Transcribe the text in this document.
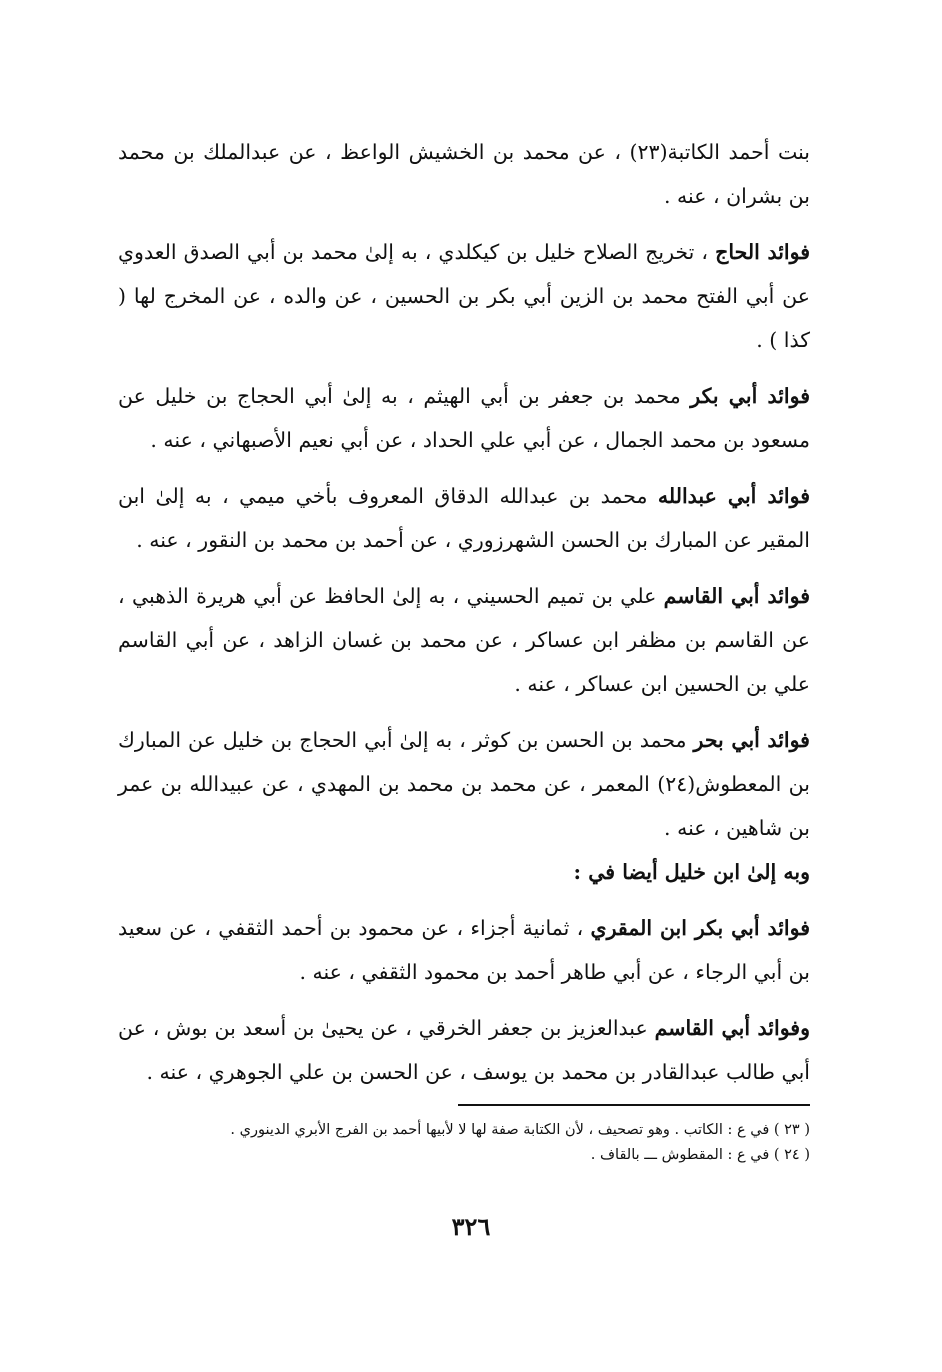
بنت أحمد الكاتبة(٢٣) ، عن محمد بن الخشيش الواعظ ، عن عبدالملك بن محمد بن بشران ، عنه .

فوائد الحاج ، تخريج الصلاح خليل بن كيكلدي ، به إلىٰ محمد بن أبي الصدق العدوي عن أبي الفتح محمد بن الزين أبي بكر بن الحسين ، عن والده ، عن المخرج لها ( كذا ) .

فوائد أبي بكر محمد بن جعفر بن أبي الهيثم ، به إلىٰ أبي الحجاج بن خليل عن مسعود بن محمد الجمال ، عن أبي علي الحداد ، عن أبي نعيم الأصبهاني ، عنه .

فوائد أبي عبدالله محمد بن عبدالله الدقاق المعروف بأخي ميمي ، به إلىٰ ابن المقير عن المبارك بن الحسن الشهرزوري ، عن أحمد بن محمد بن النقور ، عنه .

فوائد أبي القاسم علي بن تميم الحسيني ، به إلىٰ الحافظ عن أبي هريرة الذهبي ، عن القاسم بن مظفر ابن عساكر ، عن محمد بن غسان الزاهد ، عن أبي القاسم علي بن الحسين ابن عساكر ، عنه .

فوائد أبي بحر محمد بن الحسن بن كوثر ، به إلىٰ أبي الحجاج بن خليل عن المبارك بن المعطوش(٢٤) المعمر ، عن محمد بن محمد بن المهدي ، عن عبيدالله بن عمر بن شاهين ، عنه .

وبه إلىٰ ابن خليل أيضا في :

فوائد أبي بكر ابن المقري ، ثمانية أجزاء ، عن محمود بن أحمد الثقفي ، عن سعيد بن أبي الرجاء ، عن أبي طاهر أحمد بن محمود الثقفي ، عنه .

وفوائد أبي القاسم عبدالعزيز بن جعفر الخرقي ، عن يحيىٰ بن أسعد بن بوش ، عن أبي طالب عبدالقادر بن محمد بن يوسف ، عن الحسن بن علي الجوهري ، عنه .

( ٢٣ ) في ع : الكاتب . وهو تصحيف ، لأن الكتابة صفة لها لا لأبيها أحمد بن الفرج الأبري الدينوري .

( ٢٤ ) في ع : المقطوش ـــ بالقاف .

٣٢٦
